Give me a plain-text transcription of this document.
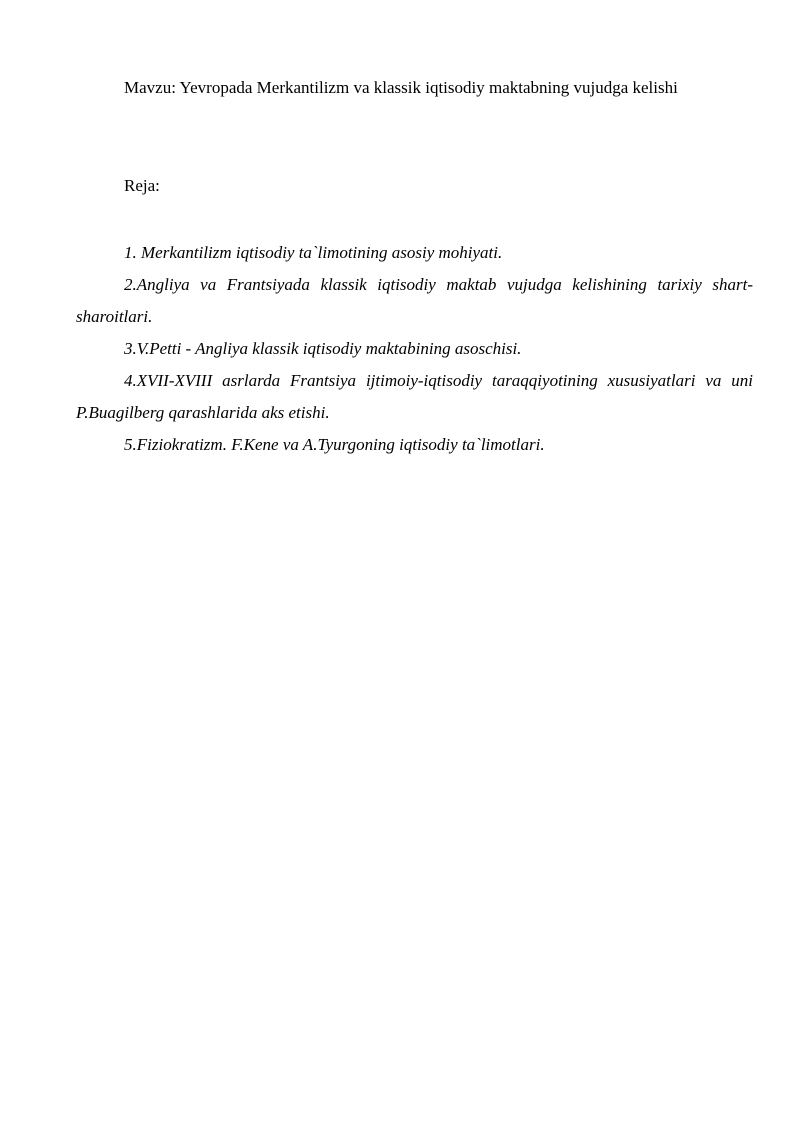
Mavzu: Yevropada Merkantilizm va klassik iqtisodiy maktabning vujudga kelishi

Reja:

1. Merkantilizm iqtisodiy ta`limotining asosiy mohiyati.
2.Angliya va Frantsiyada klassik iqtisodiy maktab vujudga kelishining tarixiy shart-sharoitlari.
3.V.Petti - Angliya klassik iqtisodiy maktabining asoschisi.
4.XVII-XVIII asrlarda Frantsiya ijtimoiy-iqtisodiy taraqqiyotining xususiyatlari va uni P.Buagilberg qarashlarida aks etishi.
5.Fiziokratizm. F.Kene va A.Tyurgoning iqtisodiy ta`limotlari.
